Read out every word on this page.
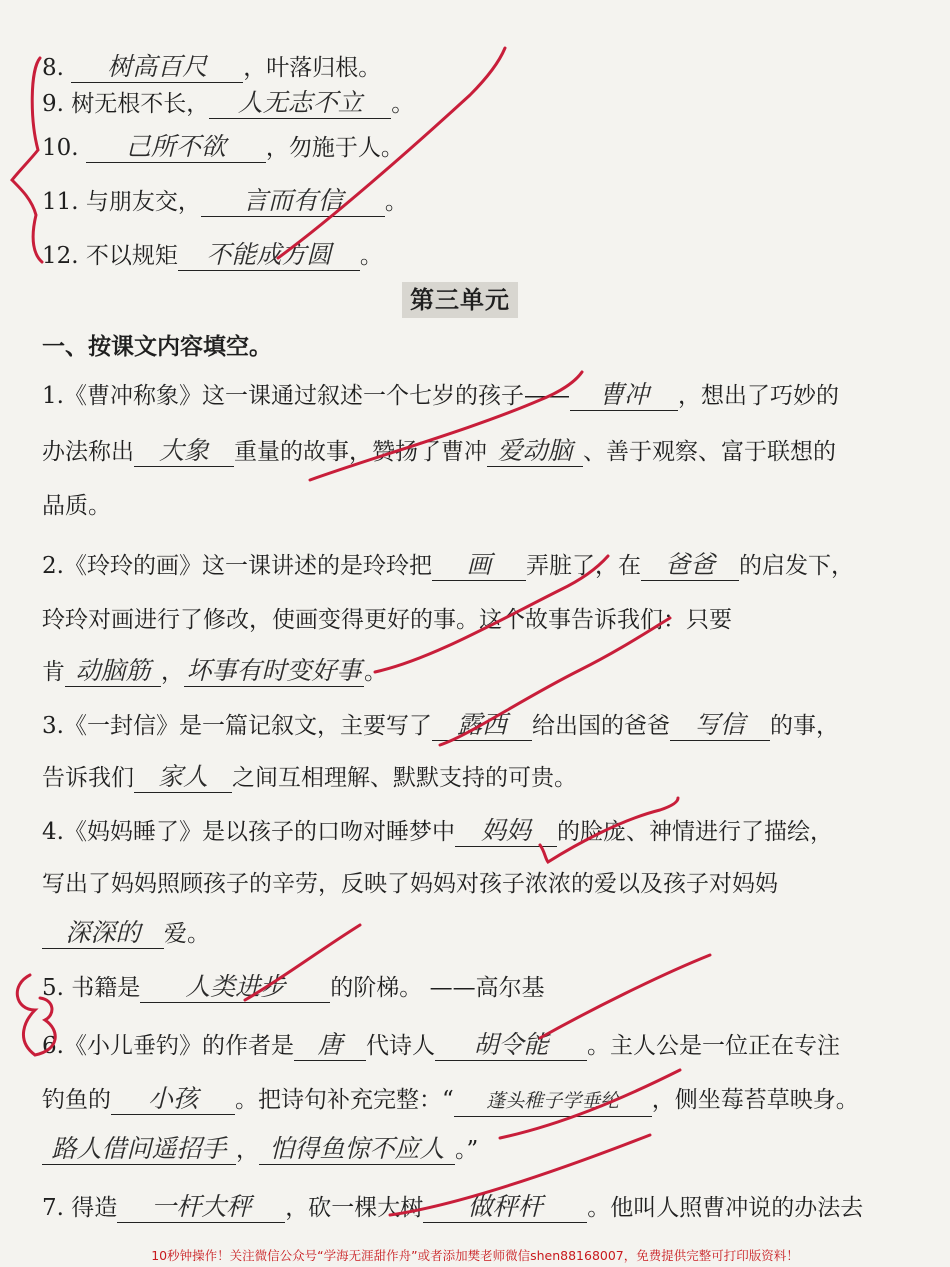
8. 树高百尺 ，叶落归根。
9. 树无根不长， 人无志不立 。
10. 己所不欲 ，勿施于人。
11. 与朋友交， 言而有信 。
12. 不以规矩 不能成方圆 。
第三单元
一、按课文内容填空。
1.《曹冲称象》这一课通过叙述一个七岁的孩子—— 曹冲 ，想出了巧妙的
办法称出 大象 重量的故事，赞扬了曹冲 爱动脑 、善于观察、富于联想的
品质。
2.《玲玲的画》这一课讲述的是玲玲把 画 弄脏了，在 爸爸 的启发下，
玲玲对画进行了修改，使画变得更好的事。这个故事告诉我们：只要
肯 动脑筋 ，坏事有时变好事 。
3.《一封信》是一篇记叙文，主要写了 露西 给出国的爸爸 写信 的事，
告诉我们 家人 之间互相理解、默默支持的可贵。
4.《妈妈睡了》是以孩子的口吻对睡梦中 妈妈 的脸庞、神情进行了描绘，
写出了妈妈照顾孩子的辛劳，反映了妈妈对孩子浓浓的爱以及孩子对妈妈
深深的 爱。
5. 书籍是 人类进步 的阶梯。 ——高尔基
6.《小儿垂钓》的作者是 唐 代诗人 胡令能 。主人公是一位正在专注
钓鱼的 小孩 。把诗句补充完整：“ 蓬头稚子学垂纶 ，侧坐莓苔草映身。
路人借问遥招手 ， 怕得鱼惊不应人 。”
7. 得造 一杆大秤 ，砍一棵大树 做秤杆 。他叫人照曹冲说的办法去
10秒钟操作！关注微信公众号“学海无涯甜作舟”或者添加樊老师微信shen88168007，免费提供完整可打印版资料！
